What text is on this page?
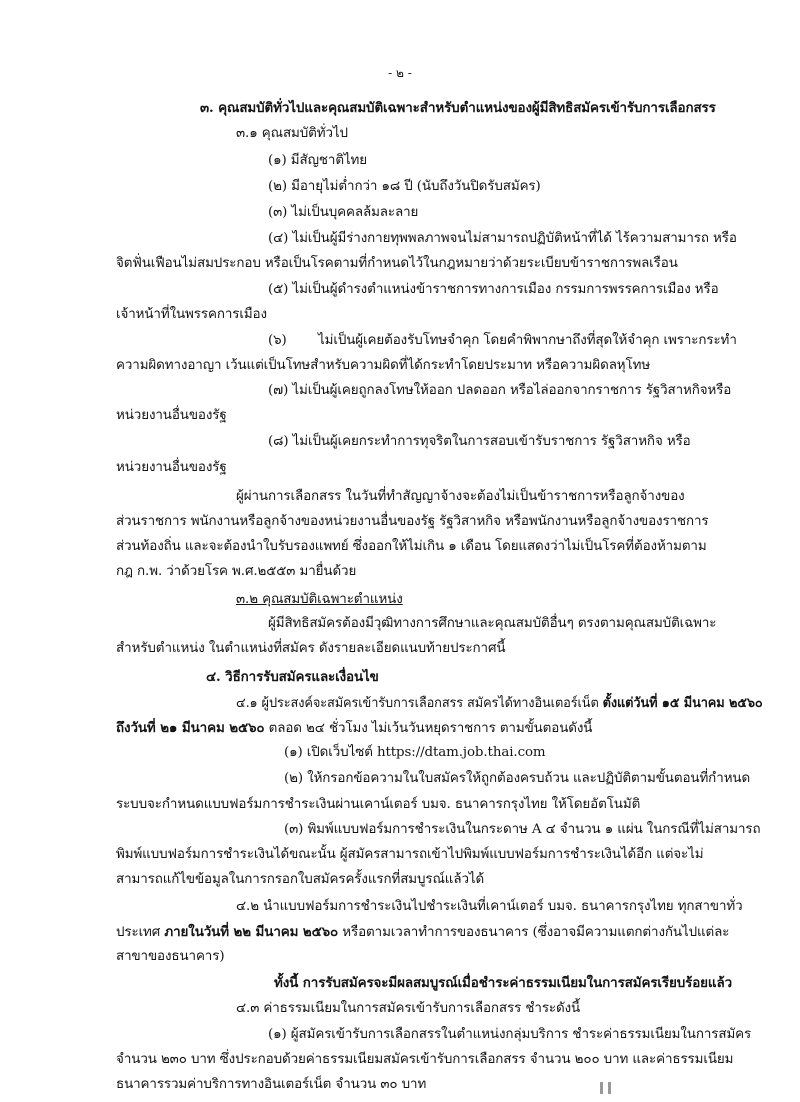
- ๒ -
๓. คุณสมบัติทั่วไปและคุณสมบัติเฉพาะสำหรับตำแหน่งของผู้มีสิทธิสมัครเข้ารับการเลือกสรร
๓.๑ คุณสมบัติทั่วไป
(๑) มีสัญชาติไทย
(๒) มีอายุไม่ต่ำกว่า ๑๘ ปี (นับถึงวันปิดรับสมัคร)
(๓) ไม่เป็นบุคคลล้มละลาย
(๔) ไม่เป็นผู้มีร่างกายทุพพลภาพจนไม่สามารถปฏิบัติหน้าที่ได้ ไร้ความสามารถ หรือ
จิตฟั่นเฟือนไม่สมประกอบ หรือเป็นโรคตามที่กำหนดไว้ในกฎหมายว่าด้วยระเบียบข้าราชการพลเรือน
(๕) ไม่เป็นผู้ดำรงตำแหน่งข้าราชการทางการเมือง กรรมการพรรคการเมือง หรือ
เจ้าหน้าที่ในพรรคการเมือง
(๖) ไม่เป็นผู้เคยต้องรับโทษจำคุก โดยคำพิพากษาถึงที่สุดให้จำคุก เพราะกระทำ
ความผิดทางอาญา เว้นแต่เป็นโทษสำหรับความผิดที่ได้กระทำโดยประมาท หรือความผิดลหุโทษ
(๗) ไม่เป็นผู้เคยถูกลงโทษให้ออก ปลดออก หรือไล่ออกจากราชการ รัฐวิสาหกิจหรือ
หน่วยงานอื่นของรัฐ
(๘) ไม่เป็นผู้เคยกระทำการทุจริตในการสอบเข้ารับราชการ รัฐวิสาหกิจ หรือ
หน่วยงานอื่นของรัฐ
ผู้ผ่านการเลือกสรร ในวันที่ทำสัญญาจ้างจะต้องไม่เป็นข้าราชการหรือลูกจ้างของ
ส่วนราชการ พนักงานหรือลูกจ้างของหน่วยงานอื่นของรัฐ รัฐวิสาหกิจ หรือพนักงานหรือลูกจ้างของราชการ
ส่วนท้องถิ่น และจะต้องนำใบรับรองแพทย์ ซึ่งออกให้ไม่เกิน ๑ เดือน โดยแสดงว่าไม่เป็นโรคที่ต้องห้ามตาม
กฎ ก.พ. ว่าด้วยโรค พ.ศ.๒๕๕๓ มายื่นด้วย
๓.๒ คุณสมบัติเฉพาะตำแหน่ง
ผู้มีสิทธิสมัครต้องมีวุฒิทางการศึกษาและคุณสมบัติอื่นๆ ตรงตามคุณสมบัติเฉพาะ
สำหรับตำแหน่ง ในตำแหน่งที่สมัคร ดังรายละเอียดแนบท้ายประกาศนี้
๔. วิธีการรับสมัครและเงื่อนไข
๔.๑ ผู้ประสงค์จะสมัครเข้ารับการเลือกสรร สมัครได้ทางอินเตอร์เน็ต ตั้งแต่วันที่ ๑๕ มีนาคม ๒๕๖๐
ถึงวันที่ ๒๑ มีนาคม ๒๕๖๐ ตลอด ๒๔ ชั่วโมง ไม่เว้นวันหยุดราชการ ตามขั้นตอนดังนี้
(๑) เปิดเว็บไซต์ https://dtam.job.thai.com
(๒) ให้กรอกข้อความในใบสมัครให้ถูกต้องครบถ้วน และปฏิบัติตามขั้นตอนที่กำหนด
ระบบจะกำหนดแบบฟอร์มการชำระเงินผ่านเคาน์เตอร์ บมจ. ธนาคารกรุงไทย ให้โดยอัตโนมัติ
(๓) พิมพ์แบบฟอร์มการชำระเงินในกระดาษ A ๔ จำนวน ๑ แผ่น ในกรณีที่ไม่สามารถ
พิมพ์แบบฟอร์มการชำระเงินได้ขณะนั้น ผู้สมัครสามารถเข้าไปพิมพ์แบบฟอร์มการชำระเงินได้อีก แต่จะไม่
สามารถแก้ไขข้อมูลในการกรอกใบสมัครครั้งแรกที่สมบูรณ์แล้วได้
๔.๒ นำแบบฟอร์มการชำระเงินไปชำระเงินที่เคาน์เตอร์ บมจ. ธนาคารกรุงไทย ทุกสาขาทั่ว
ประเทศ ภายในวันที่ ๒๒ มีนาคม ๒๕๖๐ หรือตามเวลาทำการของธนาคาร (ซึ่งอาจมีความแตกต่างกันไปแต่ละ
สาขาของธนาคาร)
ทั้งนี้ การรับสมัครจะมีผลสมบูรณ์เมื่อชำระค่าธรรมเนียมในการสมัครเรียบร้อยแล้ว
๔.๓ ค่าธรรมเนียมในการสมัครเข้ารับการเลือกสรร ชำระดังนี้
(๑) ผู้สมัครเข้ารับการเลือกสรรในตำแหน่งกลุ่มบริการ ชำระค่าธรรมเนียมในการสมัคร
จำนวน ๒๓๐ บาท ซึ่งประกอบด้วยค่าธรรมเนียมสมัครเข้ารับการเลือกสรร จำนวน ๒๐๐ บาท และค่าธรรมเนียม
ธนาคารรวมค่าบริการทางอินเตอร์เน็ต จำนวน ๓๐ บาท
